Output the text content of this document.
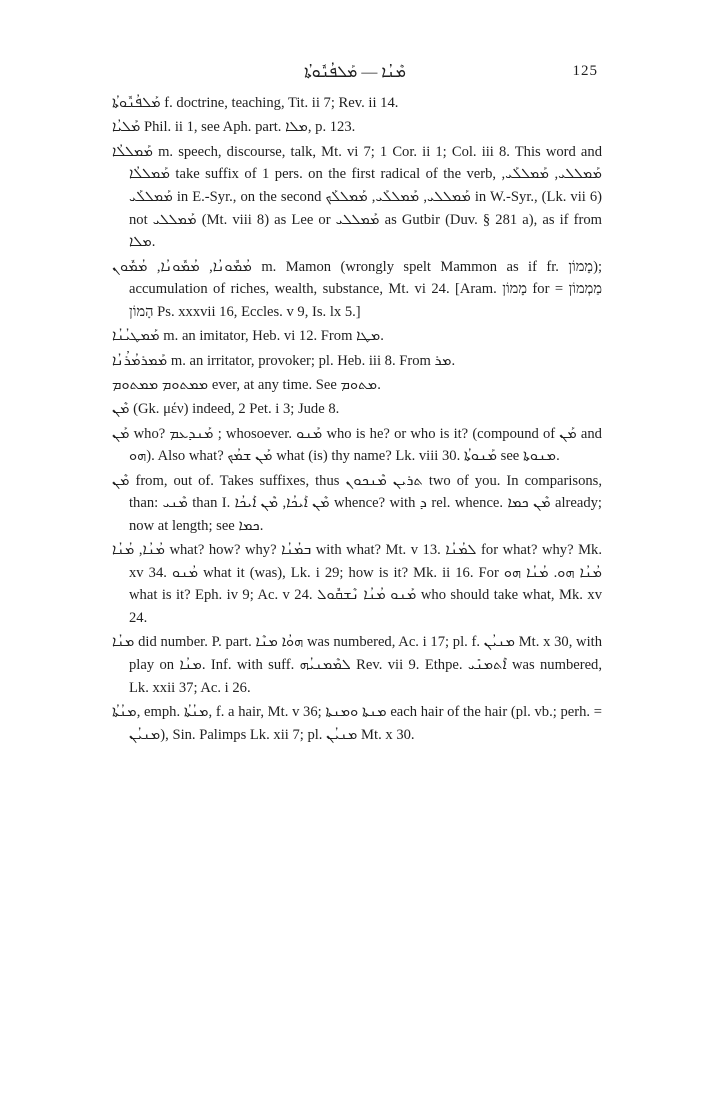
ܡܰܠܦܳܢܽܘܬܳܐ — ܡܶܢܳܐ	125

ܡܰܠܦܳܢܽܘܬܳܐ f. doctrine, teaching, Tit. ii 7; Rev. ii 14.

ܡܰܠܝܳܐ Phil. ii 1, see Aph. part. ܡܠܐ, p. 123.

ܡܰܡܠܠܳܐ m. speech, discourse, talk, Mt. vi 7; 1 Cor. ii 1; Col. iii 8. This word and ܡܰܡܠܠܳܐ take suffix of 1 pers. on the first radical of the verb, ܡܰܡܠܠܝ, ܡܰܡܠܠܰܝ, ܡܰܡܠܠܰܝ in E.-Syr., on the second ܡܰܡܠܠܝ, ܡܰܡܠܠܰܝ, ܡܰܡܠܠܰܟ in W.-Syr., (Lk. vii 6) not ܡܰܡܠܠܝ (Mt. viii 8) as Lee or ܡܰܡܠܠܝ as Gutbir (Duv. § 281 a), as if from ܡܠܐ.

ܡܳܡܽܘܢܳܐ, ܡܳܡܽܘܢܳܐ, ܡܳܡܽܘܢ m. Mamon (wrongly spelt Mammon as if fr. מָמוֹן); accumulation of riches, wealth, substance, Mt. vi 24. [Aram. מָמוֹן for מַמְמוֹן = הָמוֹן Ps. xxxvii 16, Eccles. v 9, Is. lx 5.]

ܡܰܡܛܝܳܢܳܐ m. an imitator, Heb. vi 12. From ܡܛܐ.

ܡܰܡܪܡܳܪܳܢܳܐ m. an irritator, provoker; pl. Heb. iii 8. From ܡܪ.

ܡܡܬܘܡ ܡܡܬܘܡ ever, at any time. See ܡܬܘܡ.

ܡܶܢ (Gk. μέν) indeed, 2 Pet. i 3; Jude 8.

ܡܰܢ who? ܡܰܢܕܥܡ ; whosoever. ܡܰܢܘ who is he? or who is it? (compound of ܡܰܢ and ܗܘ). Also what? ܡܰܢ ܫܡܳܟ what (is) thy name? Lk. viii 30. ܡܰܢܘܬܳܐ see ܡܢܘܬܐ.

ܡܶܢ from, out of. Takes suffixes, thus ܬܪܝܢ ܡܶܢܟܘܢ two of you. In comparisons, than: ܡܶܢܝ than I. ܡܶܢ ܐܰܝܟܳܐ, ܡܶܢ ܐܰܝܟܳܐ whence? with ܕ rel. whence. ܡܶܢ ܟܡܐ already; now at length; see ܟܡܐ.

ܡܳܢܳܐ, ܡܳܢܳܐ what? how? why? ܒܡܳܢܳܐ with what? Mt. v 13. ܠܡܳܢܳܐ for what? why? Mk. xv 34. ܡܳܢܘ what it (was), Lk. i 29; how is it? Mk. ii 16. For ܡܳܢܳܐ ܗܘ. ܡܳܢܳܐ ܗܘ what is it? Eph. iv 9; Ac. v 24. ܡܰܢܘ ܡܳܢܳܐ ܢܶܫܩܽܘܠ who should take what, Mk. xv 24.

ܡܢܳܐ did number. P. part. ܗܘܳܐ ܡܢܶܐ was numbered, Ac. i 17; pl. f. ܡܢܝܳܢ Mt. x 30, with play on ܡܢܳܐ. Inf. with suff. ܠܡܶܡܢܝܳܗ Rev. vii 9. Ethpe. ܐܶܬܡܢܺܝ was numbered, Lk. xxii 37; Ac. i 26.

ܡܢܳܬܳܐ, emph. ܡܢܳܬܳܐ, f. a hair, Mt. v 36; ܡܢܬܐ ܘܡܢܬܐ each hair of the hair (pl. vb.; perh. = ܡܢܝܳܢ), Sin. Palimps Lk. xii 7; pl. ܡܢܝܳܢ Mt. x 30.
